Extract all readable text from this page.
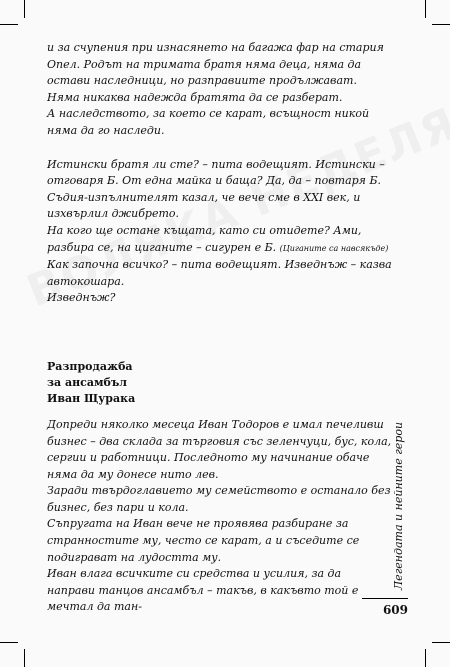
и за счупения при изнасянето на багажа фар на стария Опел. Родът на тримата братя няма деца, няма да остави наследници, но разправиите продължават. Няма никаква надежда братята да се разберат.

А наследството, за което се карат, всъщност никой няма да го наследи.

Истински братя ли сте? – пита водещият. Истински – отговаря Б. От една майка и баща? Да, да – повтаря Б. Съдия-изпълнителят казал, че вече сме в XXI век, и изхвърлил джибрето.

На кого ще остане къщата, като си отидете? Ами, разбира се, на циганите – сигурен е Б. (Циганите са навсякъде)

Как започна всичко? – пита водещият. Изведнъж – казва автокошара.

Изведнъж?

Разпродажба
за ансамбъл
Иван Щурака

Допреди няколко месеца Иван Тодоров е имал печеливш бизнес – два склада за търговия със зеленчуци, бус, кола, сергии и работници. Последното му начинание обаче няма да му донесе нито лев.

Заради твърдоглавието му семейството е останало без бизнес, без пари и кола.

Съпругата на Иван вече не проявява разбиране за странностите му, често се карат, а и съседите се подиграват на лудостта му.

Иван влага всичките си средства и усилия, за да направи танцов ансамбъл – такъв, в какъвто той е мечтал да тан-

Легендата и нейните герои
609
